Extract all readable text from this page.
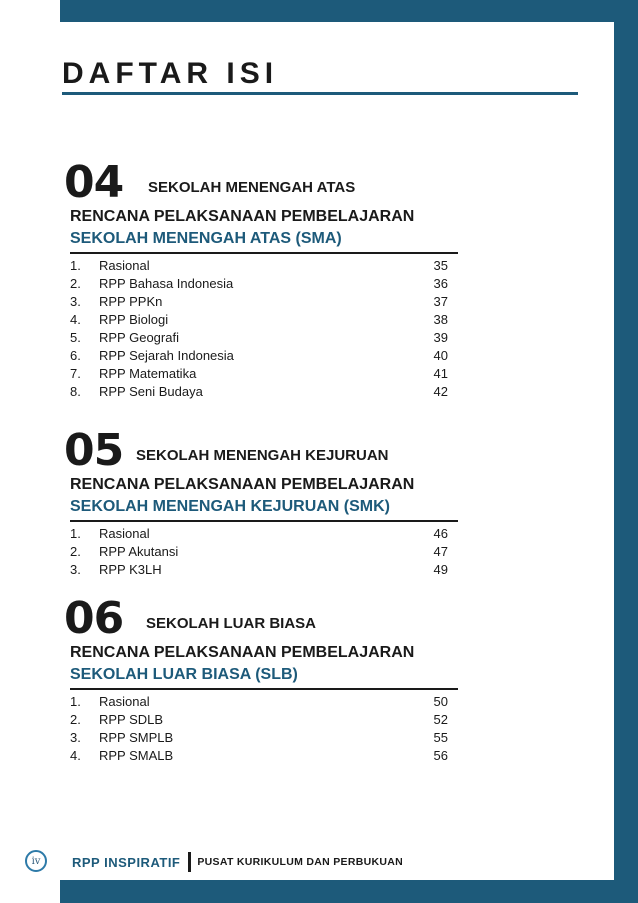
DAFTAR ISI
04 SEKOLAH MENENGAH ATAS

RENCANA PELAKSANAAN PEMBELAJARAN

SEKOLAH MENENGAH ATAS (SMA)

1. Rasional	35
2. RPP Bahasa Indonesia	36
3. RPP PPKn	37
4. RPP Biologi	38
5. RPP Geografi	39
6. RPP Sejarah Indonesia	40
7. RPP Matematika	41
8. RPP Seni Budaya	42
05 SEKOLAH MENENGAH KEJURUAN

RENCANA PELAKSANAAN PEMBELAJARAN

SEKOLAH MENENGAH KEJURUAN (SMK)

1. Rasional	46
2. RPP Akutansi	47
3. RPP K3LH	49
06 SEKOLAH LUAR BIASA

RENCANA PELAKSANAAN PEMBELAJARAN

SEKOLAH LUAR BIASA (SLB)

1. Rasional	50
2. RPP SDLB	52
3. RPP SMPLB	55
4. RPP SMALB	56
iv	RPP INSPIRATIF PUSAT KURIKULUM DAN PERBUKUAN
